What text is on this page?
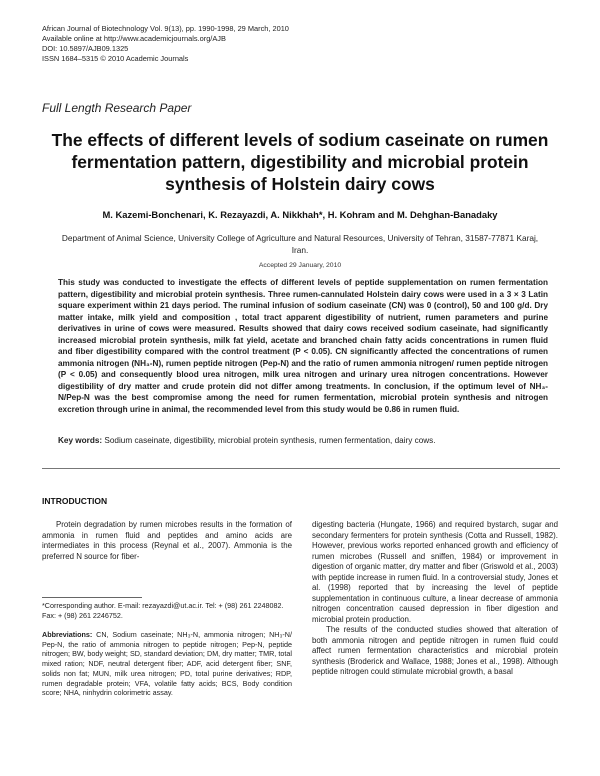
African Journal of Biotechnology Vol. 9(13), pp. 1990-1998, 29 March, 2010
Available online at http://www.academicjournals.org/AJB
DOI: 10.5897/AJB09.1325
ISSN 1684–5315 © 2010 Academic Journals
Full Length Research Paper
The effects of different levels of sodium caseinate on rumen fermentation pattern, digestibility and microbial protein synthesis of Holstein dairy cows
M. Kazemi-Bonchenari, K. Rezayazdi, A. Nikkhah*, H. Kohram and M. Dehghan-Banadaky
Department of Animal Science, University College of Agriculture and Natural Resources, University of Tehran, 31587-77871 Karaj, Iran.
Accepted 29 January, 2010

This study was conducted to investigate the effects of different levels of peptide supplementation on rumen fermentation pattern, digestibility and microbial protein synthesis. Three rumen-cannulated Holstein dairy cows were used in a 3 × 3 Latin square experiment within 21 days period. The ruminal infusion of sodium caseinate (CN) was 0 (control), 50 and 100 g/d. Dry matter intake, milk yield and composition , total tract apparent digestibility of nutrient, rumen parameters and purine derivatives in urine of cows were measured. Results showed that dairy cows received sodium caseinate, had significantly increased microbial protein synthesis, milk fat yield, acetate and branched chain fatty acids concentrations in rumen fluid and fiber digestibility compared with the control treatment (P < 0.05). CN significantly affected the concentrations of rumen ammonia nitrogen (NH₃-N), rumen peptide nitrogen (Pep-N) and the ratio of rumen ammonia nitrogen/ rumen peptide nitrogen (P < 0.05) and consequently blood urea nitrogen, milk urea nitrogen and urinary urea nitrogen concentrations. However digestibility of dry matter and crude protein did not differ among treatments. In conclusion, if the optimum level of NH₃-N/Pep-N was the best compromise among the need for rumen fermentation, microbial protein synthesis and nitrogen excretion through urine in animal, the recommended level from this study would be 0.86 in rumen fluid.

Key words: Sodium caseinate, digestibility, microbial protein synthesis, rumen fermentation, dairy cows.
INTRODUCTION

Protein degradation by rumen microbes results in the formation of ammonia in rumen fluid and peptides and amino acids are intermediates in this process (Reynal et al., 2007). Ammonia is the preferred N source for fiber-

*Corresponding author. E-mail: rezayazdi@ut.ac.ir. Tel: + (98) 261 2248082. Fax: + (98) 261 2246752.
Abbreviations: CN, Sodium caseinate; NH₃-N, ammonia nitrogen; NH₃-N/ Pep-N, the ratio of ammonia nitrogen to peptide nitrogen; Pep-N, peptide nitrogen; BW, body weight; SD, standard deviation; DM, dry matter; TMR, total mixed ration; NDF, neutral detergent fiber; ADF, acid detergent fiber; SNF, solids non fat; MUN, milk urea nitrogen; PD, total purine derivatives; RDP, rumen degradable protein; VFA, volatile fatty acids; BCS, Body condition score; NHA, ninhydrin colorimetric assay.

digesting bacteria (Hungate, 1966) and required bystarch, sugar and secondary fermenters for protein synthesis (Cotta and Russell, 1982). However, previous works reported enhanced growth and efficiency of rumen microbes (Russell and sniffen, 1984) or improvement in digestion of organic matter, dry matter and fiber (Griswold et al., 2003) with peptide increase in rumen fluid. In a controversial study, Jones et al. (1998) reported that by increasing the level of peptide supplementation in continuous culture, a linear decrease of ammonia nitrogen concentration caused depression in fiber digestion and microbial protein production.

The results of the conducted studies showed that alteration of both ammonia nitrogen and peptide nitrogen in rumen fluid could affect rumen fermentation characteristics and microbial protein synthesis (Broderick and Wallace, 1988; Jones et al., 1998). Although peptide nitrogen could stimulate microbial growth, a basal
